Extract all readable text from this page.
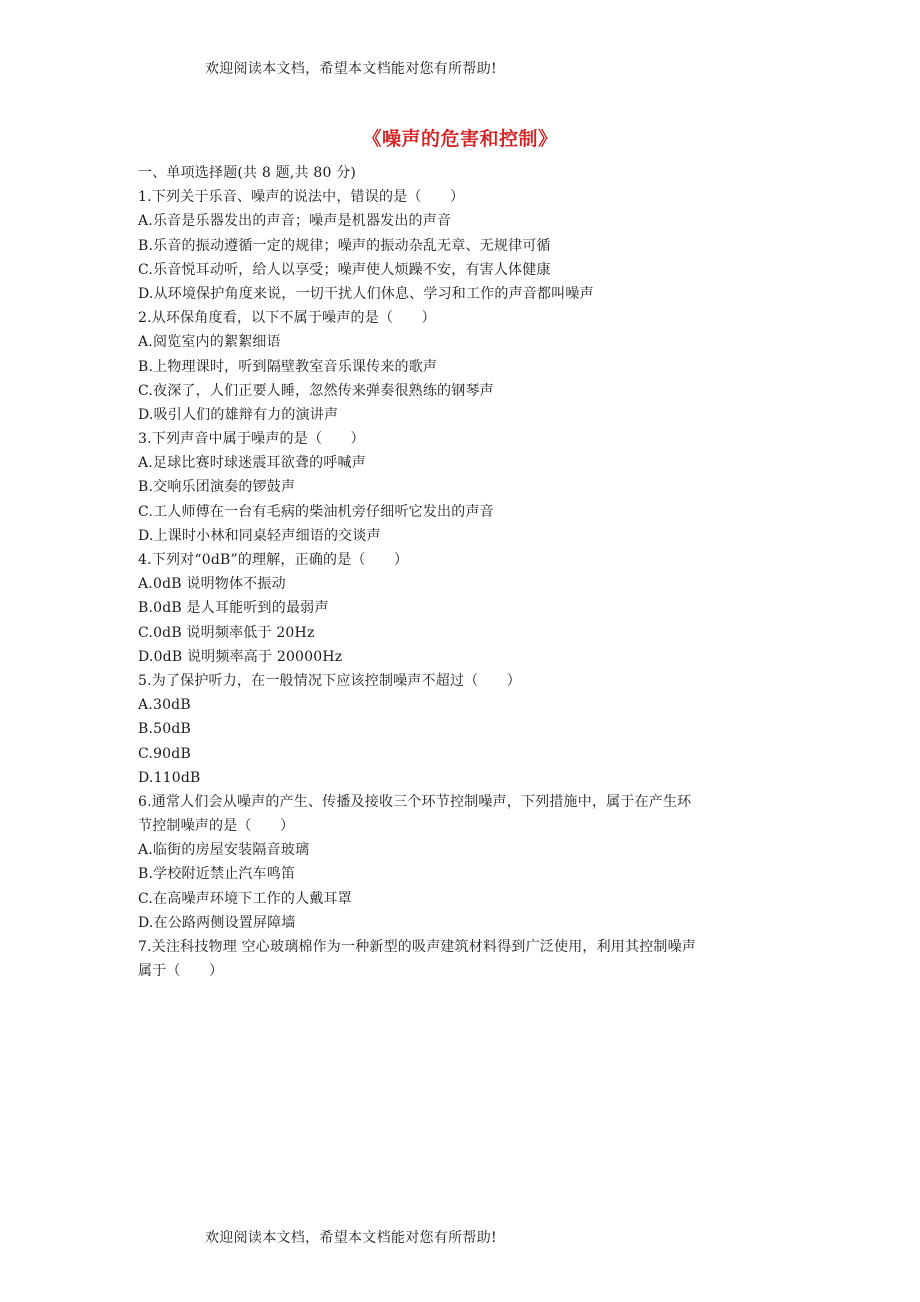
欢迎阅读本文档，希望本文档能对您有所帮助!
《噪声的危害和控制》
一、单项选择题(共 8 题,共 80 分)
1.下列关于乐音、噪声的说法中，错误的是（　　）
A.乐音是乐器发出的声音；噪声是机器发出的声音
B.乐音的振动遵循一定的规律；噪声的振动杂乱无章、无规律可循
C.乐音悦耳动听，给人以享受；噪声使人烦躁不安，有害人体健康
D.从环境保护角度来说，一切干扰人们休息、学习和工作的声音都叫噪声
2.从环保角度看，以下不属于噪声的是（　　）
A.阅览室内的絮絮细语
B.上物理课时，听到隔壁教室音乐课传来的歌声
C.夜深了，人们正要人睡，忽然传来弹奏很熟练的钢琴声
D.吸引人们的雄辩有力的演讲声
3.下列声音中属于噪声的是（　　）
A.足球比赛时球迷震耳欲聋的呼喊声
B.交响乐团演奏的锣鼓声
C.工人师傅在一台有毛病的柴油机旁仔细听它发出的声音
D.上课时小林和同桌轻声细语的交谈声
4.下列对“0dB”的理解，正确的是（　　）
A.0dB 说明物体不振动
B.0dB 是人耳能听到的最弱声
C.0dB 说明频率低于 20Hz
D.0dB 说明频率高于 20000Hz
5.为了保护听力，在一般情况下应该控制噪声不超过（　　）
A.30dB
B.50dB
C.90dB
D.110dB
6.通常人们会从噪声的产生、传播及接收三个环节控制噪声，下列措施中，属于在产生环
节控制噪声的是（　　）
A.临街的房屋安装隔音玻璃
B.学校附近禁止汽车鸣笛
C.在高噪声环境下工作的人戴耳罩
D.在公路两侧设置屏障墙
7.关注科技物理 空心玻璃棉作为一种新型的吸声建筑材料得到广泛使用，利用其控制噪声
属于（　　）
欢迎阅读本文档，希望本文档能对您有所帮助!
